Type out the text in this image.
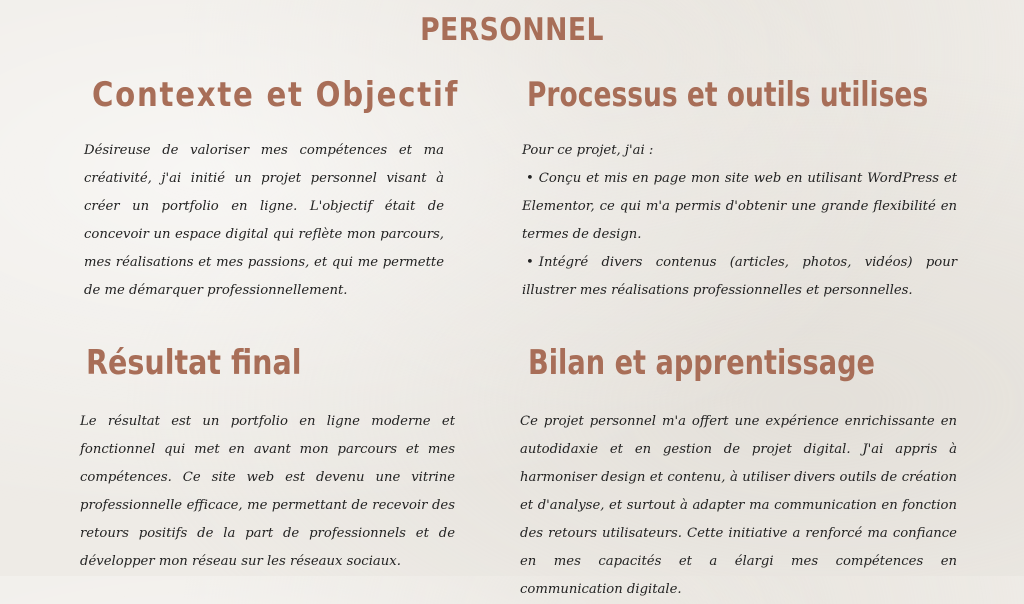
PERSONNEL
Contexte et Objectif

Désireuse de valoriser mes compétences et ma créativité, j'ai initié un projet personnel visant à créer un portfolio en ligne. L'objectif était de concevoir un espace digital qui reflète mon parcours, mes réalisations et mes passions, et qui me permette de me démarquer professionnellement.

Processus et outils utilises
Pour ce projet, j'ai :
• Conçu et mis en page mon site web en utilisant WordPress et Elementor, ce qui m'a permis d'obtenir une grande flexibilité en termes de design.
• Intégré divers contenus (articles, photos, vidéos) pour illustrer mes réalisations professionnelles et personnelles.
Résultat final

Le résultat est un portfolio en ligne moderne et fonctionnel qui met en avant mon parcours et mes compétences. Ce site web est devenu une vitrine professionnelle efficace, me permettant de recevoir des retours positifs de la part de professionnels et de développer mon réseau sur les réseaux sociaux.

Bilan et apprentissage

Ce projet personnel m'a offert une expérience enrichissante en autodidaxie et en gestion de projet digital. J'ai appris à harmoniser design et contenu, à utiliser divers outils de création et d'analyse, et surtout à adapter ma communication en fonction des retours utilisateurs. Cette initiative a renforcé ma confiance en mes capacités et a élargi mes compétences en communication digitale.
